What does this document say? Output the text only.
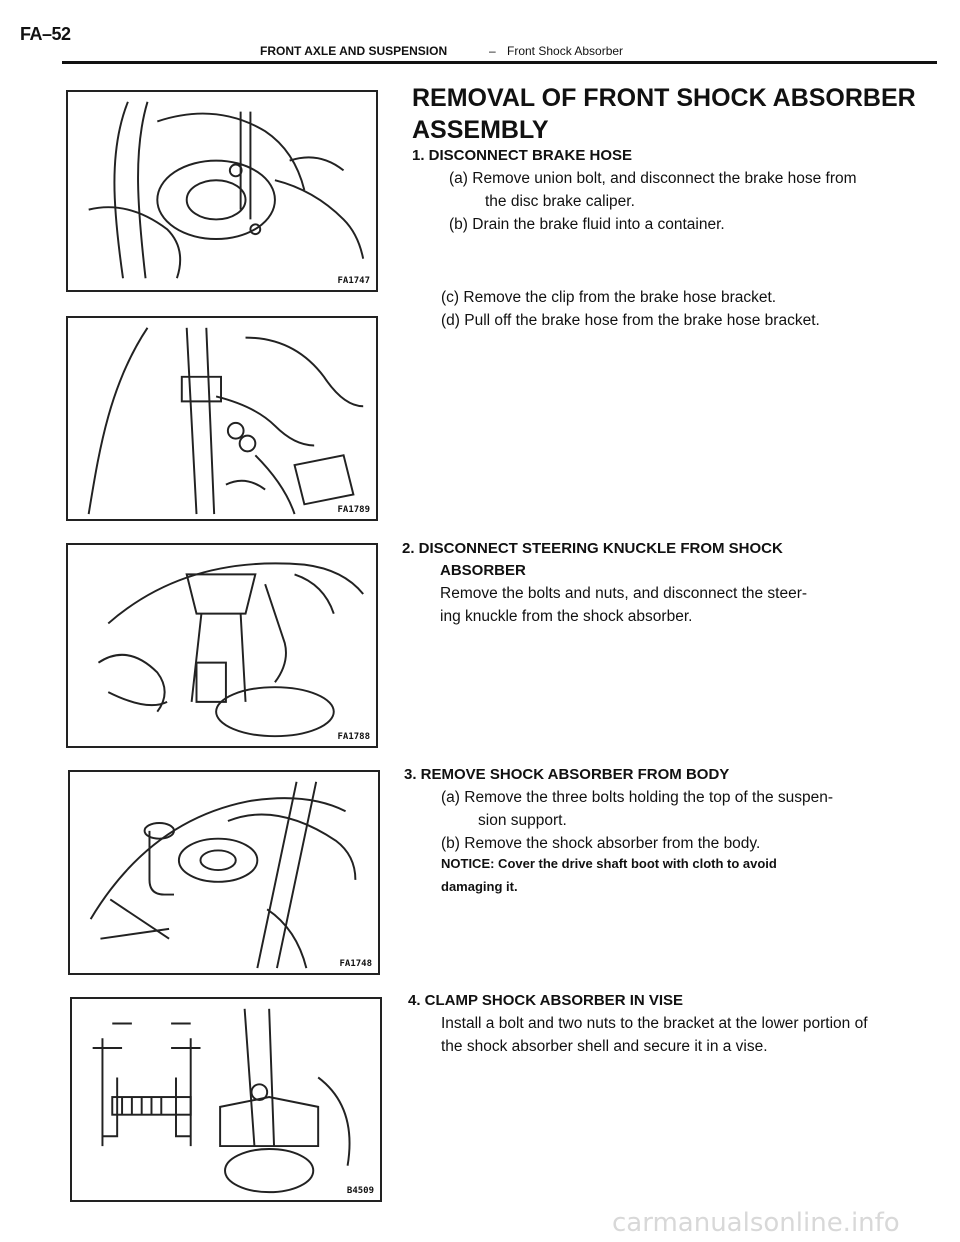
FA–52
FRONT AXLE AND SUSPENSION	– Front Shock Absorber
FA1747
FA1789
FA1788
FA1748
B4509
REMOVAL OF FRONT SHOCK ABSORBER ASSEMBLY
1. DISCONNECT BRAKE HOSE
(a) Remove union bolt, and disconnect the brake hose from
the disc brake caliper.
(b) Drain the brake fluid into a container.
(c) Remove the clip from the brake hose bracket.
(d) Pull off the brake hose from the brake hose bracket.
2. DISCONNECT STEERING KNUCKLE FROM SHOCK
ABSORBER
Remove the bolts and nuts, and disconnect the steer-
ing knuckle from the shock absorber.
3. REMOVE SHOCK ABSORBER FROM BODY
(a) Remove the three bolts holding the top of the suspen-
sion support.
(b) Remove the shock absorber from the body.
NOTICE: Cover the drive shaft boot with cloth to avoid
damaging it.
4. CLAMP SHOCK ABSORBER IN VISE
Install a bolt and two nuts to the bracket at the lower portion of
the shock absorber shell and secure it in a vise.
carmanualsonline.info
